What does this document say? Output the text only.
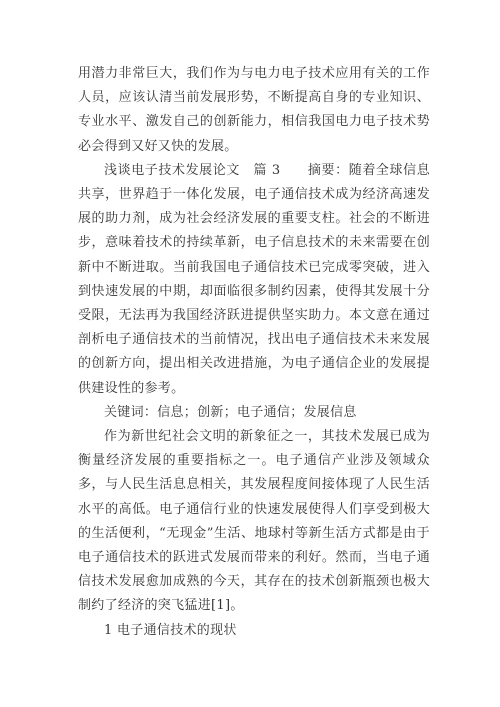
用潜力非常巨大，我们作为与电力电子技术应用有关的工作人员，应该认清当前发展形势，不断提高自身的专业知识、专业水平、激发自己的创新能力，相信我国电力电子技术势必会得到又好又快的发展。

浅谈电子技术发展论文　篇 3　　摘要：随着全球信息共享，世界趋于一体化发展，电子通信技术成为经济高速发展的助力剂，成为社会经济发展的重要支柱。社会的不断进步，意味着技术的持续革新，电子信息技术的未来需要在创新中不断进取。当前我国电子通信技术已完成零突破，进入到快速发展的中期，却面临很多制约因素，使得其发展十分受限，无法再为我国经济跃进提供坚实助力。本文意在通过剖析电子通信技术的当前情况，找出电子通信技术未来发展的创新方向，提出相关改进措施，为电子通信企业的发展提供建设性的参考。

关键词：信息；创新；电子通信；发展信息

作为新世纪社会文明的新象征之一，其技术发展已成为衡量经济发展的重要指标之一。电子通信产业涉及领域众多，与人民生活息息相关，其发展程度间接体现了人民生活水平的高低。电子通信行业的快速发展使得人们享受到极大的生活便利，“无现金”生活、地球村等新生活方式都是由于电子通信技术的跃进式发展而带来的利好。然而，当电子通信技术发展愈加成熟的今天，其存在的技术创新瓶颈也极大制约了经济的突飞猛进[1]。

1 电子通信技术的现状
